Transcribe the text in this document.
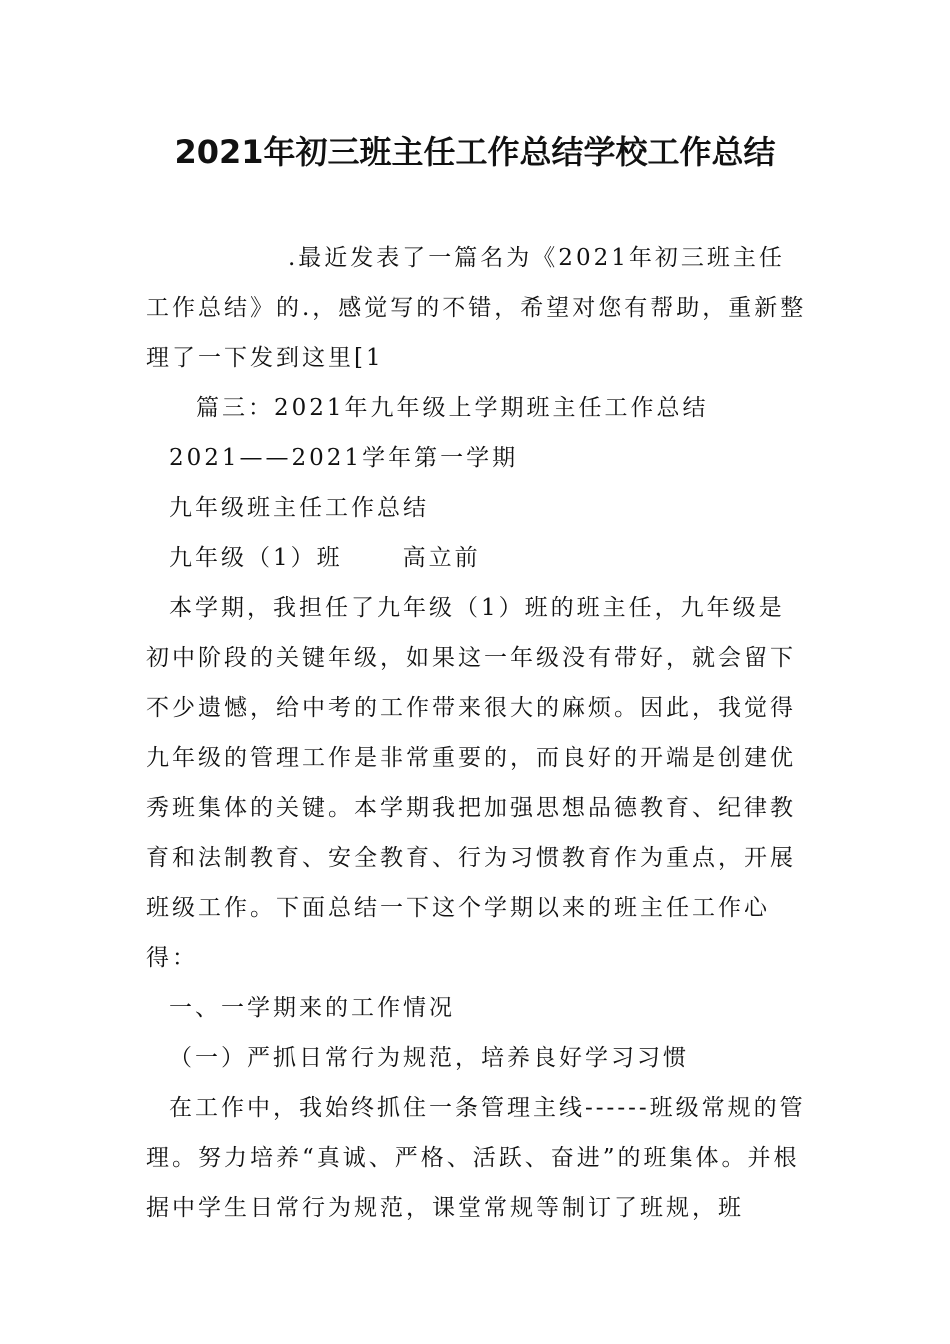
2021年初三班主任工作总结学校工作总结

.最近发表了一篇名为《2021年初三班主任工作总结》的.，感觉写的不错，希望对您有帮助，重新整理了一下发到这里[1

篇三：2021年九年级上学期班主任工作总结

2021——2021学年第一学期

九年级班主任工作总结

九年级（1）班	高立前

本学期，我担任了九年级（1）班的班主任，九年级是初中阶段的关键年级，如果这一年级没有带好，就会留下不少遗憾，给中考的工作带来很大的麻烦。因此，我觉得九年级的管理工作是非常重要的，而良好的开端是创建优秀班集体的关键。本学期我把加强思想品德教育、纪律教育和法制教育、安全教育、行为习惯教育作为重点，开展班级工作。下面总结一下这个学期以来的班主任工作心得：

一、一学期来的工作情况

（一）严抓日常行为规范，培养良好学习习惯

在工作中，我始终抓住一条管理主线------班级常规的管理。努力培养“真诚、严格、活跃、奋进”的班集体。并根据中学生日常行为规范，课堂常规等制订了班规，班
